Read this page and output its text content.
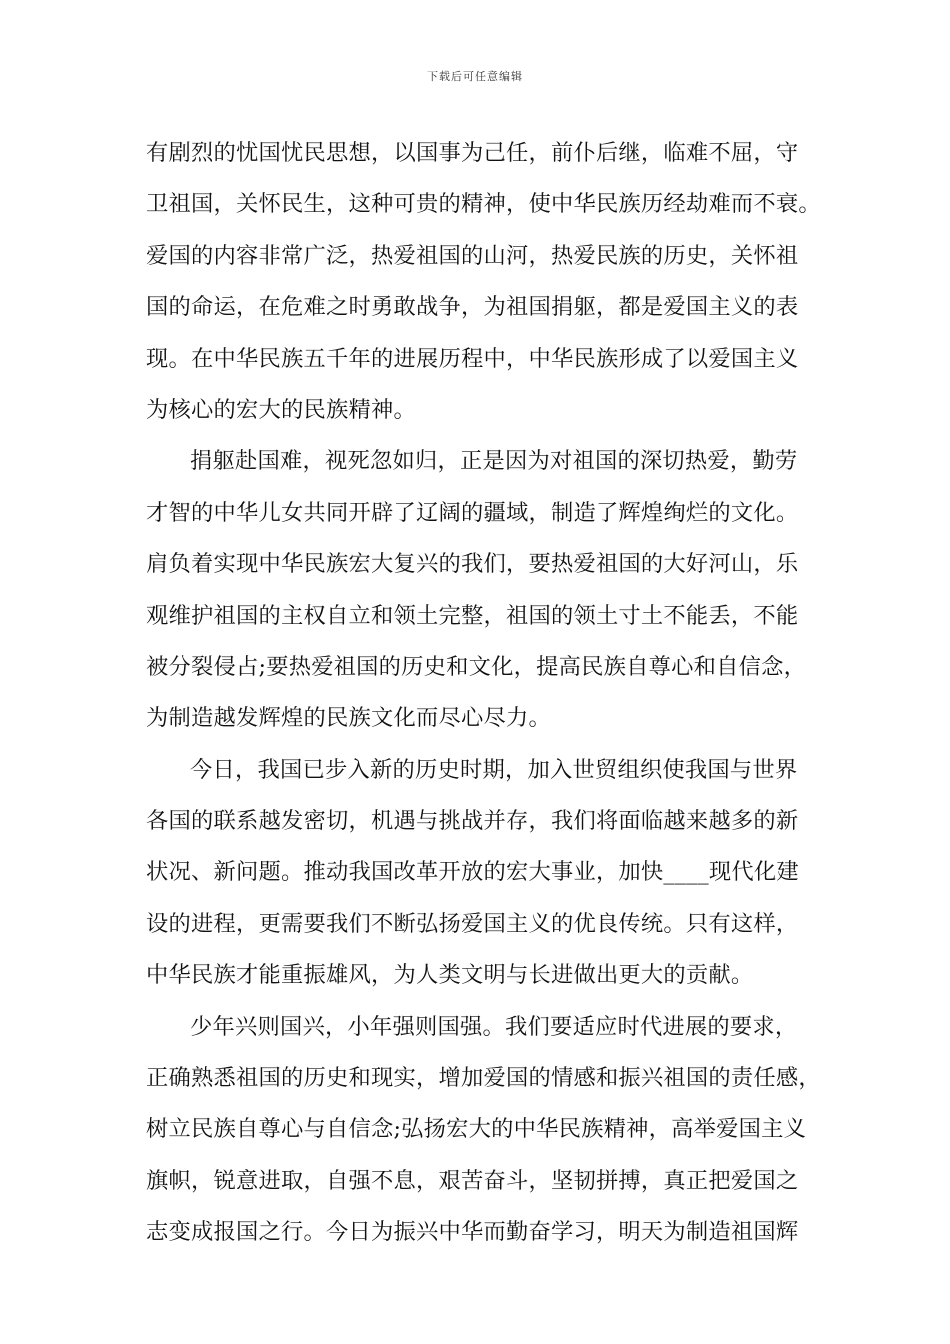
下载后可任意编辑
有剧烈的忧国忧民思想，以国事为己任，前仆后继，临难不屈，守
卫祖国，关怀民生，这种可贵的精神，使中华民族历经劫难而不衰。
爱国的内容非常广泛，热爱祖国的山河，热爱民族的历史，关怀祖
国的命运，在危难之时勇敢战争，为祖国捐躯，都是爱国主义的表
现。在中华民族五千年的进展历程中，中华民族形成了以爱国主义
为核心的宏大的民族精神。
捐躯赴国难，视死忽如归，正是因为对祖国的深切热爱，勤劳
才智的中华儿女共同开辟了辽阔的疆域，制造了辉煌绚烂的文化。
肩负着实现中华民族宏大复兴的我们，要热爱祖国的大好河山，乐
观维护祖国的主权自立和领土完整，祖国的领土寸土不能丢，不能
被分裂侵占;要热爱祖国的历史和文化，提高民族自尊心和自信念，
为制造越发辉煌的民族文化而尽心尽力。
今日，我国已步入新的历史时期，加入世贸组织使我国与世界
各国的联系越发密切，机遇与挑战并存，我们将面临越来越多的新
状况、新问题。推动我国改革开放的宏大事业，加快____现代化建
设的进程，更需要我们不断弘扬爱国主义的优良传统。只有这样，
中华民族才能重振雄风，为人类文明与长进做出更大的贡献。
少年兴则国兴，小年强则国强。我们要适应时代进展的要求，
正确熟悉祖国的历史和现实，增加爱国的情感和振兴祖国的责任感，
树立民族自尊心与自信念;弘扬宏大的中华民族精神，高举爱国主义
旗帜，锐意进取，自强不息，艰苦奋斗，坚韧拼搏，真正把爱国之
志变成报国之行。今日为振兴中华而勤奋学习，明天为制造祖国辉
